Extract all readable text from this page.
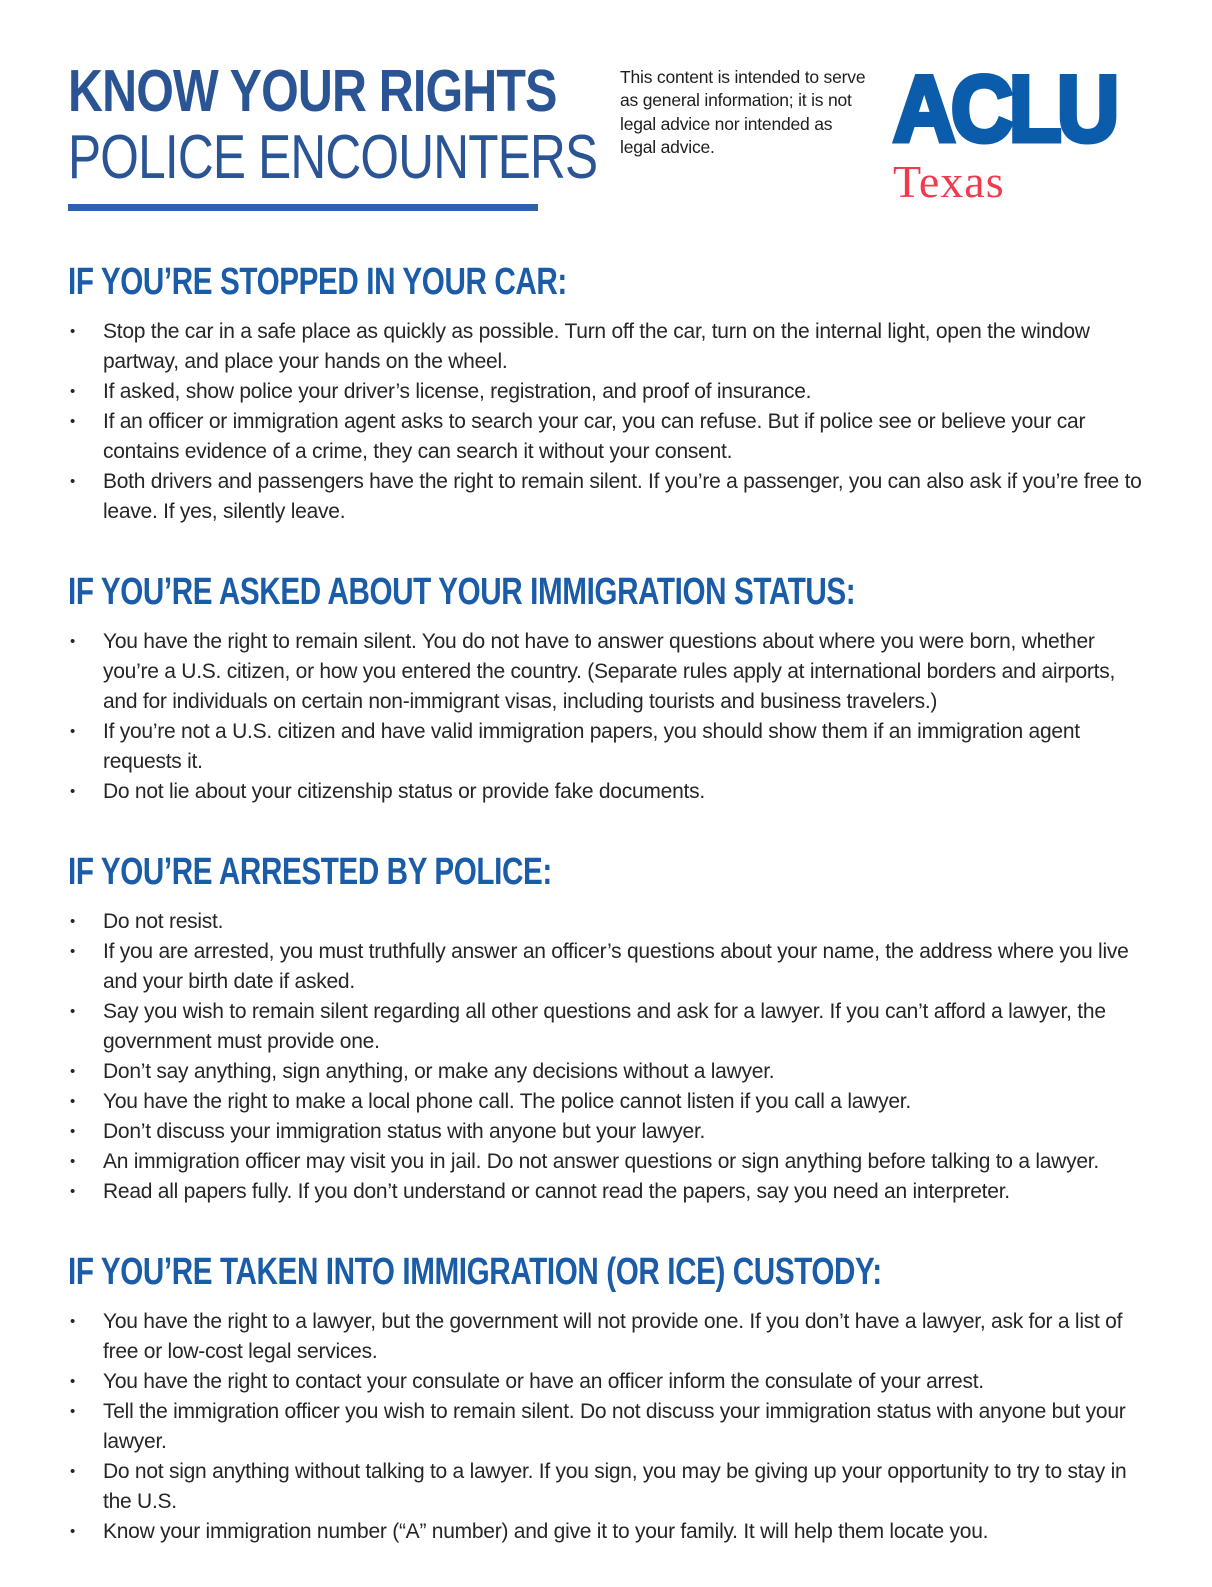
KNOW YOUR RIGHTS
POLICE ENCOUNTERS

This content is intended to serve as general information; it is not legal advice nor intended as legal advice.	ACLU

Texas
IF YOU’RE STOPPED IN YOUR CAR:
•	Stop the car in a safe place as quickly as possible. Turn off the car, turn on the internal light, open the window partway, and place your hands on the wheel.
•	If asked, show police your driver’s license, registration, and proof of insurance.
•	If an officer or immigration agent asks to search your car, you can refuse. But if police see or believe your car contains evidence of a crime, they can search it without your consent.
•	Both drivers and passengers have the right to remain silent. If you’re a passenger, you can also ask if you’re free to leave. If yes, silently leave.
IF YOU’RE ASKED ABOUT YOUR IMMIGRATION STATUS:
•	You have the right to remain silent. You do not have to answer questions about where you were born, whether you’re a U.S. citizen, or how you entered the country. (Separate rules apply at international borders and airports, and for individuals on certain non-immigrant visas, including tourists and business travelers.)
•	If you’re not a U.S. citizen and have valid immigration papers, you should show them if an immigration agent requests it.
•	Do not lie about your citizenship status or provide fake documents.
IF YOU’RE ARRESTED BY POLICE:
•	Do not resist.
•	If you are arrested, you must truthfully answer an officer’s questions about your name, the address where you live and your birth date if asked.
•	Say you wish to remain silent regarding all other questions and ask for a lawyer. If you can’t afford a lawyer, the government must provide one.
•	Don’t say anything, sign anything, or make any decisions without a lawyer.
•	You have the right to make a local phone call. The police cannot listen if you call a lawyer.
•	Don’t discuss your immigration status with anyone but your lawyer.
•	An immigration officer may visit you in jail. Do not answer questions or sign anything before talking to a lawyer.
•	Read all papers fully. If you don’t understand or cannot read the papers, say you need an interpreter.
IF YOU’RE TAKEN INTO IMMIGRATION (OR ICE) CUSTODY:
•	You have the right to a lawyer, but the government will not provide one. If you don’t have a lawyer, ask for a list of free or low-cost legal services.
•	You have the right to contact your consulate or have an officer inform the consulate of your arrest.
•	Tell the immigration officer you wish to remain silent. Do not discuss your immigration status with anyone but your lawyer.
•	Do not sign anything without talking to a lawyer. If you sign, you may be giving up your opportunity to try to stay in the U.S.
•	Know your immigration number (“A” number) and give it to your family. It will help them locate you.
